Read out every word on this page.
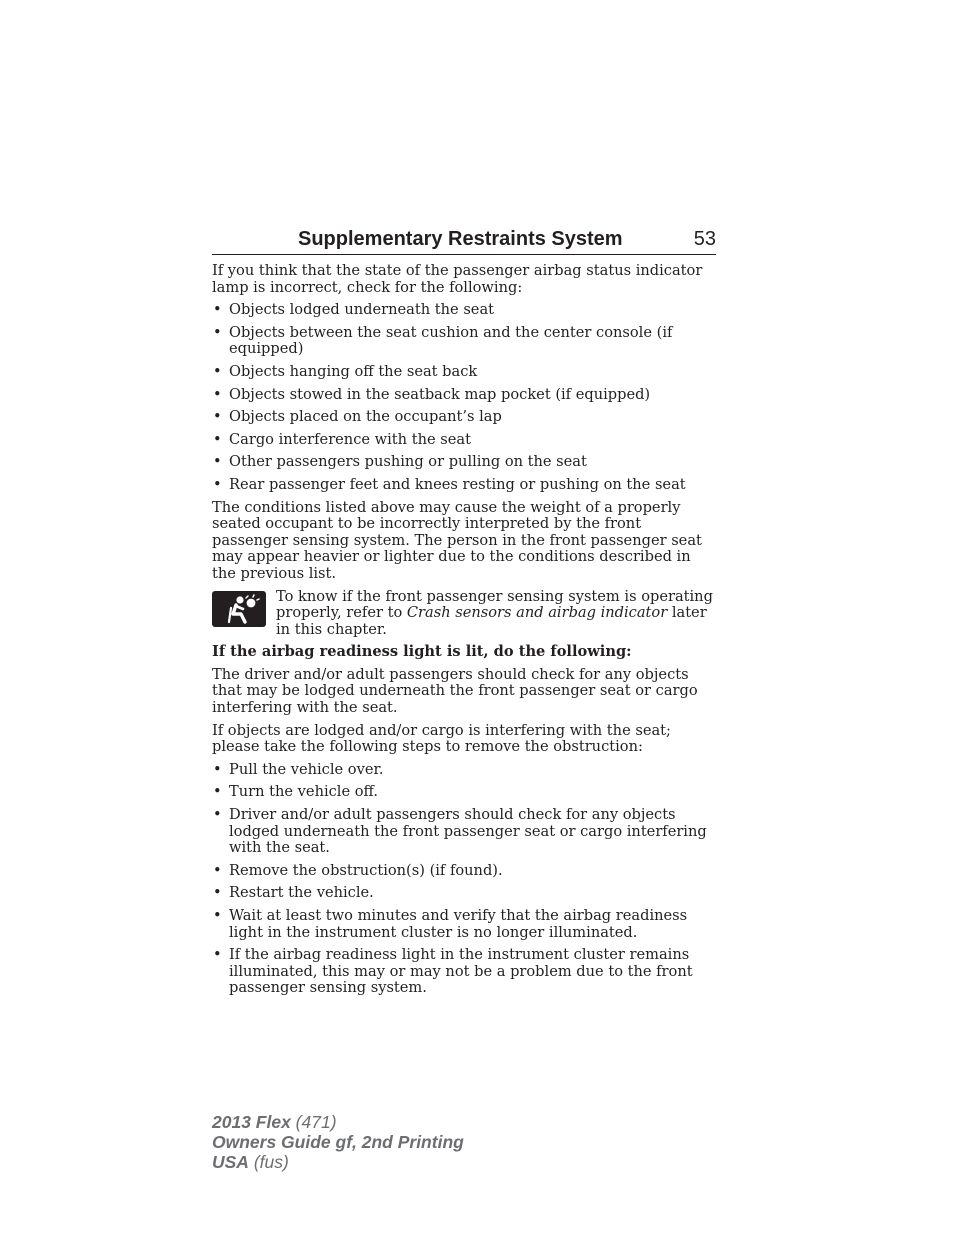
Supplementary Restraints System	53

If you think that the state of the passenger airbag status indicator lamp is incorrect, check for the following:

• Objects lodged underneath the seat
• Objects between the seat cushion and the center console (if equipped)
• Objects hanging off the seat back
• Objects stowed in the seatback map pocket (if equipped)
• Objects placed on the occupant’s lap
• Cargo interference with the seat
• Other passengers pushing or pulling on the seat
• Rear passenger feet and knees resting or pushing on the seat

The conditions listed above may cause the weight of a properly seated occupant to be incorrectly interpreted by the front passenger sensing system. The person in the front passenger seat may appear heavier or lighter due to the conditions described in the previous list.

To know if the front passenger sensing system is operating properly, refer to Crash sensors and airbag indicator later in this chapter.

If the airbag readiness light is lit, do the following:

The driver and/or adult passengers should check for any objects that may be lodged underneath the front passenger seat or cargo interfering with the seat.

If objects are lodged and/or cargo is interfering with the seat; please take the following steps to remove the obstruction:

• Pull the vehicle over.
• Turn the vehicle off.
• Driver and/or adult passengers should check for any objects lodged underneath the front passenger seat or cargo interfering with the seat.
• Remove the obstruction(s) (if found).
• Restart the vehicle.
• Wait at least two minutes and verify that the airbag readiness light in the instrument cluster is no longer illuminated.
• If the airbag readiness light in the instrument cluster remains illuminated, this may or may not be a problem due to the front passenger sensing system.
2013 Flex (471)
Owners Guide gf, 2nd Printing
USA (fus)
